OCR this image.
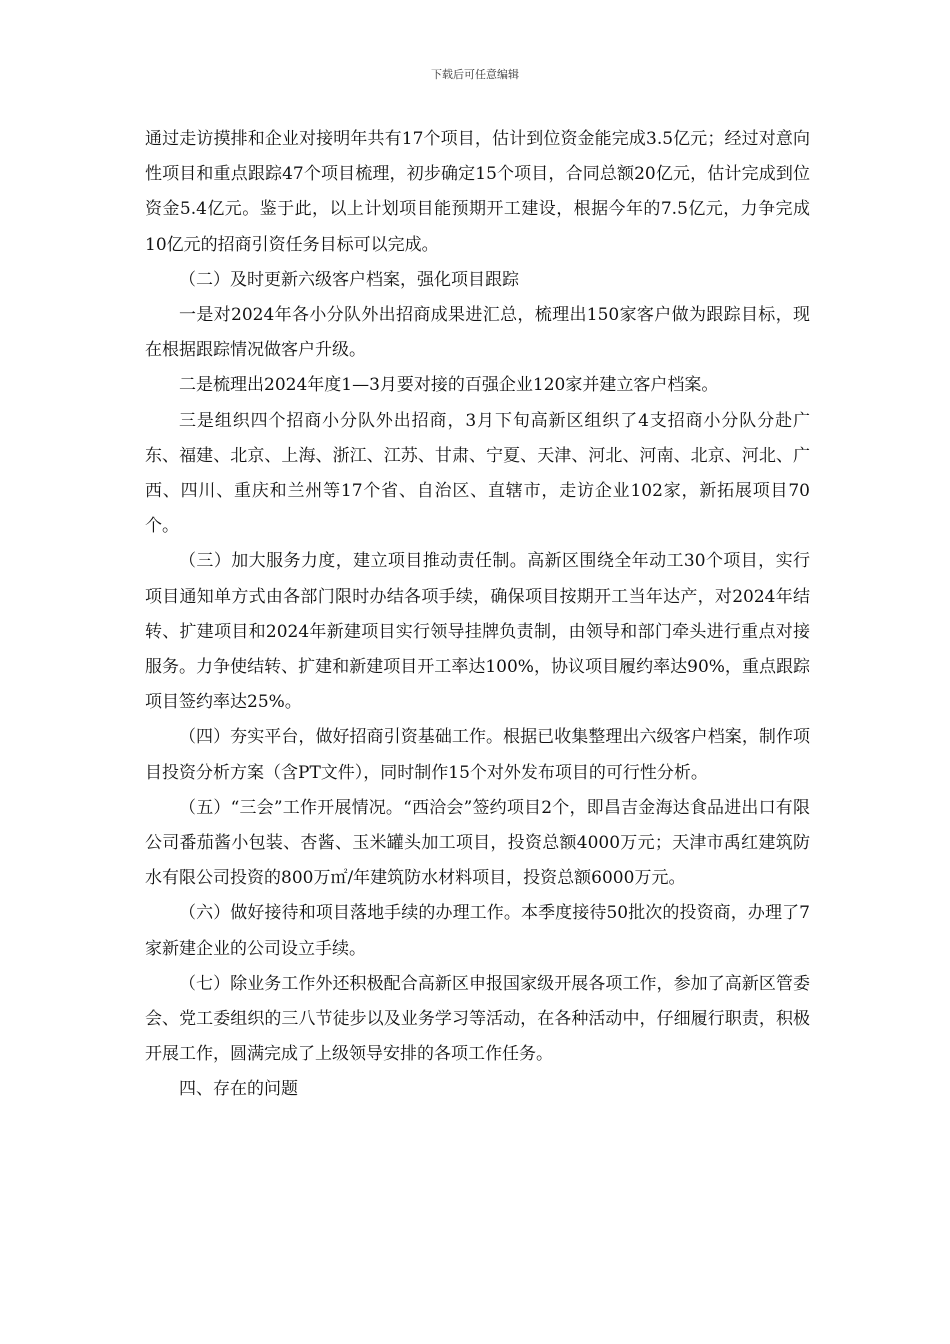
下载后可任意编辑

通过走访摸排和企业对接明年共有17个项目，估计到位资金能完成3.5亿元；经过对意向性项目和重点跟踪47个项目梳理，初步确定15个项目，合同总额20亿元，估计完成到位资金5.4亿元。鉴于此，以上计划项目能预期开工建设，根据今年的7.5亿元，力争完成10亿元的招商引资任务目标可以完成。

（二）及时更新六级客户档案，强化项目跟踪

一是对2024年各小分队外出招商成果进汇总，梳理出150家客户做为跟踪目标，现在根据跟踪情况做客户升级。

二是梳理出2024年度1—3月要对接的百强企业120家并建立客户档案。

三是组织四个招商小分队外出招商，3月下旬高新区组织了4支招商小分队分赴广东、福建、北京、上海、浙江、江苏、甘肃、宁夏、天津、河北、河南、北京、河北、广西、四川、重庆和兰州等17个省、自治区、直辖市，走访企业102家，新拓展项目70个。

（三）加大服务力度，建立项目推动责任制。高新区围绕全年动工30个项目，实行项目通知单方式由各部门限时办结各项手续，确保项目按期开工当年达产，对2024年结转、扩建项目和2024年新建项目实行领导挂牌负责制，由领导和部门牵头进行重点对接服务。力争使结转、扩建和新建项目开工率达100%，协议项目履约率达90%，重点跟踪项目签约率达25%。

（四）夯实平台，做好招商引资基础工作。根据已收集整理出六级客户档案，制作项目投资分析方案（含PT文件），同时制作15个对外发布项目的可行性分析。

（五）“三会”工作开展情况。“西洽会”签约项目2个，即昌吉金海达食品进出口有限公司番茄酱小包装、杏酱、玉米罐头加工项目，投资总额4000万元；天津市禹红建筑防水有限公司投资的800万㎡/年建筑防水材料项目，投资总额6000万元。

（六）做好接待和项目落地手续的办理工作。本季度接待50批次的投资商，办理了7家新建企业的公司设立手续。

（七）除业务工作外还积极配合高新区申报国家级开展各项工作，参加了高新区管委会、党工委组织的三八节徒步以及业务学习等活动，在各种活动中，仔细履行职责，积极开展工作，圆满完成了上级领导安排的各项工作任务。

四、存在的问题
